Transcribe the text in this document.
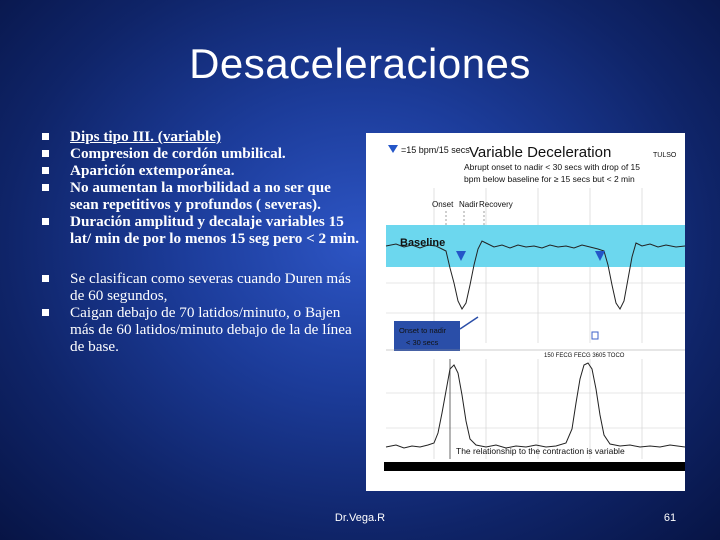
Desaceleraciones
Dips tipo III. (variable)
Compresion de cordón umbilical.
Aparición extemporánea.
No aumentan la morbilidad a no ser que sean repetitivos y profundos ( severas).
Duración amplitud y decalaje variables 15 lat/ min de por lo menos 15 seg pero < 2 min.
Se clasifican como severas cuando Duren más de 60 segundos,
Caigan debajo de 70 latidos/minuto, o Bajen más de 60 latidos/minuto debajo de la de línea de base.
=15 bpm/15 secs Variable Deceleration	TULSO
Abrupt onset to nadir < 30 secs with drop of 15
bpm below baseline for ≥ 15 secs but < 2 min
Onset Nadir Recovery
Baseline
Onset to nadir
< 30 secs
150 FECG FECG 3605 TOCO
The relationship to the contraction is variable
Dr.Vega.R	61
